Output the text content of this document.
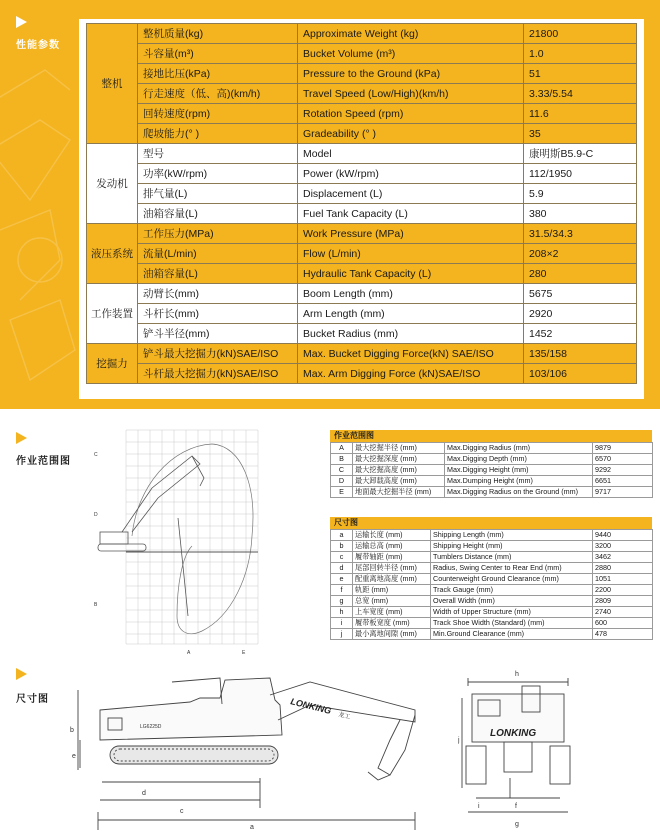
性能参数
整机	整机质量(kg)	Approximate Weight (kg)	21800
	斗容量(m³)	Bucket Volume (m³)	1.0
	接地比压(kPa)	Pressure to the Ground (kPa)	51
	行走速度（低、高)(km/h)	Travel Speed (Low/High)(km/h)	3.33/5.54
	回转速度(rpm)	Rotation Speed (rpm)	11.6
	爬坡能力(° )	Gradeability (° )	35
发动机	型号	Model	康明斯B5.9-C
	功率(kW/rpm)	Power (kW/rpm)	112/1950
	排气量(L)	Displacement (L)	5.9
	油箱容量(L)	Fuel Tank Capacity (L)	380
液压系统	工作压力(MPa)	Work Pressure (MPa)	31.5/34.3
	流量(L/min)	Flow (L/min)	208×2
	油箱容量(L)	Hydraulic Tank Capacity (L)	280
工作装置	动臂长(mm)	Boom Length (mm)	5675
	斗杆长(mm)	Arm Length (mm)	2920
	铲斗半径(mm)	Bucket Radius (mm)	1452
挖掘力	铲斗最大挖掘力(kN)SAE/ISO	Max. Bucket Digging Force(kN) SAE/ISO	135/158
	斗杆最大挖掘力(kN)SAE/ISO	Max. Arm Digging Force (kN)SAE/ISO	103/106
作业范围图
C
D
B
A	E
作业范围图
A	最大挖掘半径 (mm)	Max.Digging Radius (mm)	9879
B	最大挖掘深度 (mm)	Max.Digging Depth (mm)	6570
C	最大挖掘高度 (mm)	Max.Digging Height (mm)	9292
D	最大卸载高度 (mm)	Max.Dumping Height (mm)	6651
E	地面最大挖掘半径 (mm)	Max.Digging Radius on the Ground (mm)	9717
尺寸图
a	运输长度 (mm)	Shipping Length (mm)	9440
b	运输总高 (mm)	Shipping Height (mm)	3200
c	履带轴距 (mm)	Tumblers Distance (mm)	3462
d	尾部回转半径 (mm)	Radius, Swing Center to Rear End (mm)	2880
e	配重离地高度 (mm)	Counterweight Ground Clearance (mm)	1051
f	轨距 (mm)	Track Gauge (mm)	2200
g	总宽 (mm)	Overall Width (mm)	2809
h	上车宽度 (mm)	Width of Upper Structure (mm)	2740
i	履带板宽度 (mm)	Track Shoe Width (Standard) (mm)	600
j	最小离地间隙 (mm)	Min.Ground Clearance (mm)	478
尺寸图
LG6225D
LONKING
龙工
b
e
d
c
a
LONKING
h
j
f
g
i
